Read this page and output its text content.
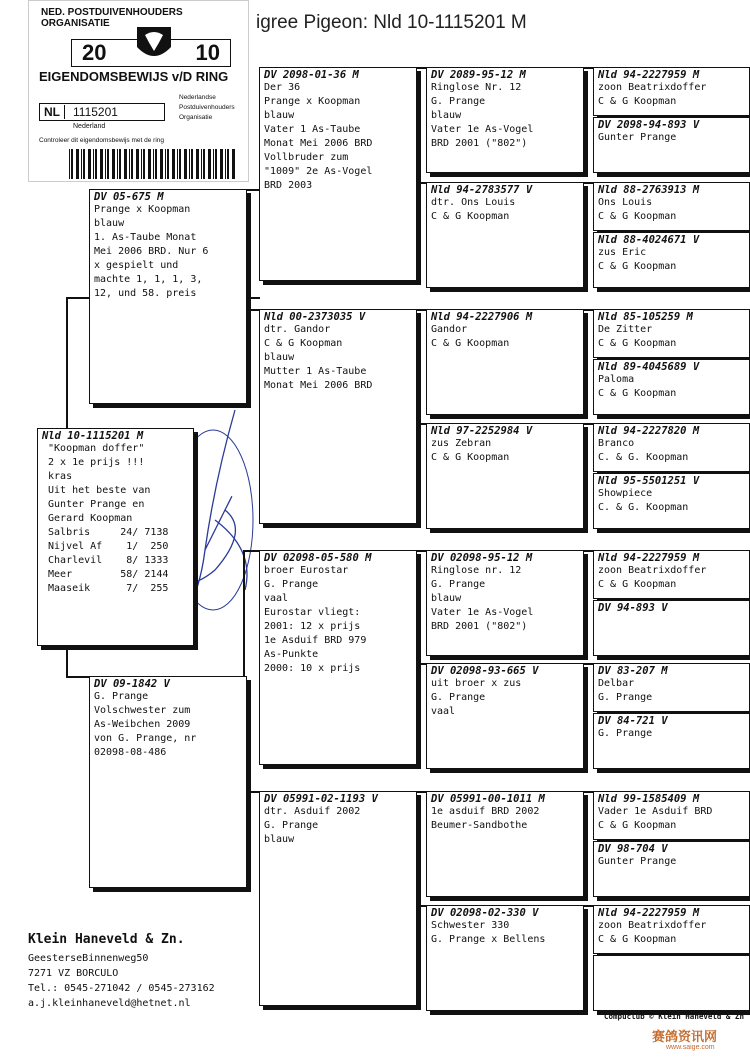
igree Pigeon: Nld 10-1115201 M
NED. POSTDUIVENHOUDERS ORGANISATIE
20	10
EIGENDOMSBEWIJS v/D RING
NL	1115201
Nederlandse
Postduivenhouders
Organisatie
Nederland
Controleer dit eigendomsbewijs met de ring
Nld 10-1115201 M
"Koopman doffer"
2 x 1e prijs !!!
kras
Uit het beste van
Gunter Prange en
Gerard Koopman
Salbris     24/ 7138
Nijvel Af    1/  250
Charlevil    8/ 1333
Meer        58/ 2144
Maaseik      7/  255
DV 05-675 M
Prange x Koopman
blauw
1. As-Taube Monat
Mei 2006 BRD. Nur 6
x gespielt und
machte 1, 1, 1, 3,
12, und 58. preis
DV 09-1842 V
G. Prange
Volschwester zum
As-Weibchen 2009
von G. Prange, nr
02098-08-486
DV 2098-01-36 M
Der 36
Prange x Koopman
blauw
Vater 1 As-Taube
Monat Mei 2006 BRD
Vollbruder zum
"1009" 2e As-Vogel
BRD 2003
Nld 00-2373035 V
dtr. Gandor
C & G Koopman
blauw
Mutter 1 As-Taube
Monat Mei 2006 BRD
DV 02098-05-580 M
broer Eurostar
G. Prange
vaal
Eurostar vliegt:
2001: 12 x prijs
1e Asduif BRD 979
As-Punkte
2000: 10 x prijs
DV 05991-02-1193 V
dtr. Asduif 2002
G. Prange
blauw
DV 2089-95-12 M
Ringlose Nr. 12
G. Prange
blauw
Vater 1e As-Vogel
BRD 2001 ("802")
Nld 94-2783577 V
dtr. Ons Louis
C & G Koopman
Nld 94-2227906 M
Gandor
C & G Koopman
Nld 97-2252984 V
zus Zebran
C & G Koopman
DV 02098-95-12 M
Ringlose nr. 12
G. Prange
blauw
Vater 1e As-Vogel
BRD 2001 ("802")
DV 02098-93-665 V
uit broer x zus
G. Prange
vaal
DV 05991-00-1011 M
1e asduif BRD 2002
Beumer-Sandbothe
DV 02098-02-330 V
Schwester 330
G. Prange x Bellens
Nld 94-2227959 M
zoon Beatrixdoffer
C & G Koopman
DV 2098-94-893 V
Gunter Prange
Nld 88-2763913 M
Ons Louis
C & G Koopman
Nld 88-4024671 V
zus Eric
C & G Koopman
Nld 85-105259 M
De Zitter
C & G Koopman
Nld 89-4045689 V
Paloma
C & G Koopman
Nld 94-2227820 M
Branco
C. & G. Koopman
Nld 95-5501251 V
Showpiece
C. & G. Koopman
Nld 94-2227959 M
zoon Beatrixdoffer
C & G Koopman
DV 94-893 V
DV 83-207 M
Delbar
G. Prange
DV 84-721 V
G. Prange
Nld 99-1585409 M
Vader 1e Asduif BRD
C & G Koopman
DV 98-704 V
Gunter Prange
Nld 94-2227959 M
zoon Beatrixdoffer
C & G Koopman
Klein Haneveld & Zn.
GeestersеBinnenweg50
7271 VZ BORCULO
Tel.: 0545-271042 / 0545-273162
a.j.kleinhaneveld@hetnet.nl
Compuclub © Klein Haneveld & Zn
赛鸽资讯网
www.saige.com
